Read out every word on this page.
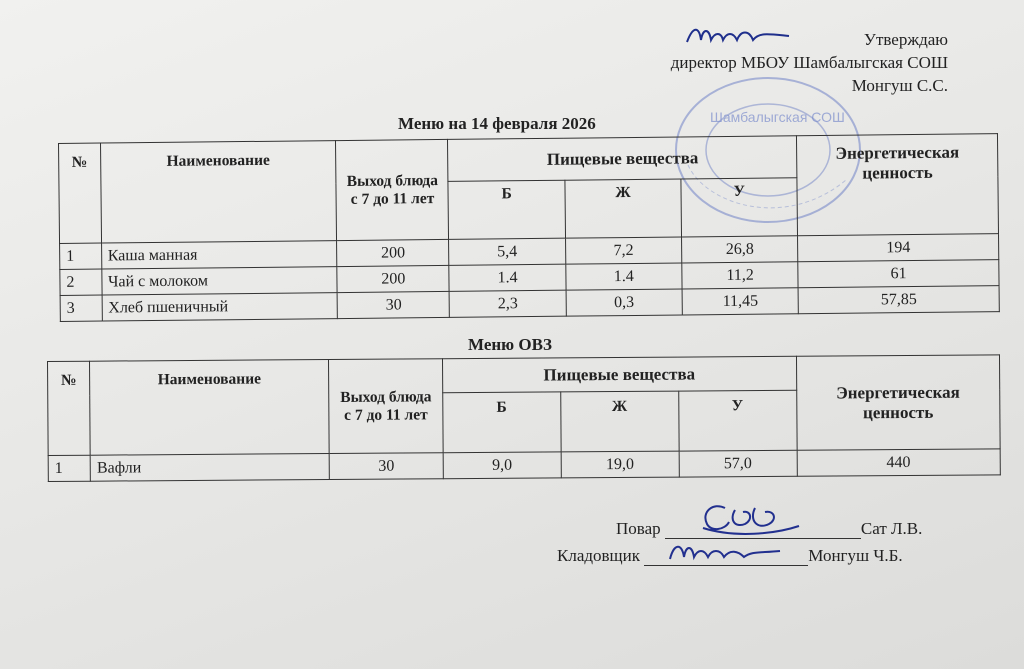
Утверждаю
директор МБОУ Шамбалыгская СОШ
Монгуш С.С.
Шамбалыгская СОШ
Меню на 14 февраля 2026
№	Наименование	Выход блюда с 7 до 11 лет	Пищевые вещества			Энергетическая ценность
			Б	Ж	У	
1	Каша манная	200	5,4	7,2	26,8	194
2	Чай с молоком	200	1.4	1.4	11,2	61
3	Хлеб пшеничный	30	2,3	0,3	11,45	57,85
Меню ОВЗ
№	Наименование	Выход блюда с 7 до 11 лет	Пищевые вещества			Энергетическая ценность
			Б	Ж	У	
1	Вафли	30	9,0	19,0	57,0	440
Повар	Сат Л.В.
Кладовщик	Монгуш Ч.Б.
